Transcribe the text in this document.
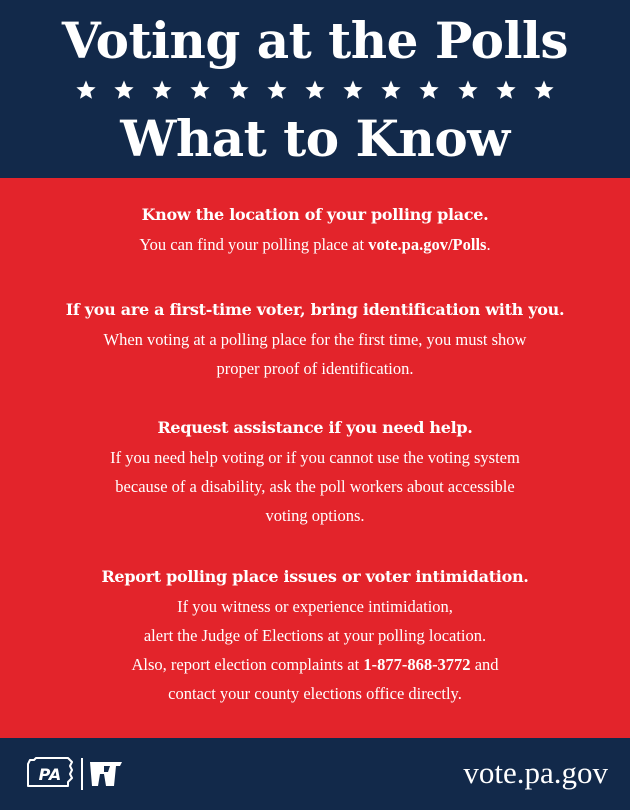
Voting at the Polls
What to Know
Know the location of your polling place.
You can find your polling place at vote.pa.gov/Polls.
If you are a first-time voter, bring identification with you.
When voting at a polling place for the first time, you must show
proper proof of identification.
Request assistance if you need help.
If you need help voting or if you cannot use the voting system
because of a disability, ask the poll workers about accessible
voting options.
Report polling place issues or voter intimidation.
If you witness or experience intimidation,
alert the Judge of Elections at your polling location.
Also, report election complaints at 1-877-868-3772 and
contact your county elections office directly.
PA	vote.pa.gov
